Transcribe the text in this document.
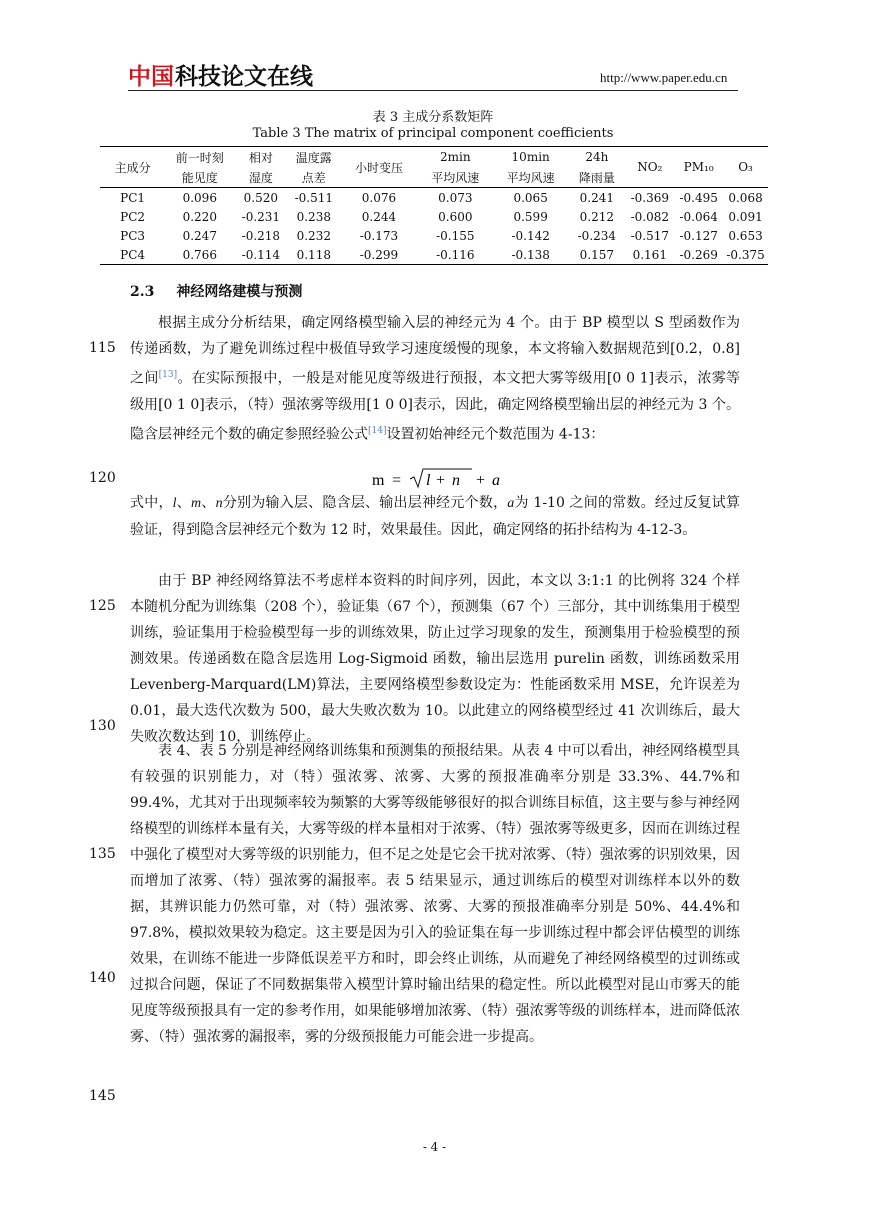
中国 科技论文在线	http://www.paper.edu.cn
表 3 主成分系数矩阵
Table 3 The matrix of principal component coefficients
主成分	前一时刻	相对	温度露	小时变压	2min	10min	24h	NO₂	PM₁₀	O₃
	能见度	湿度	点差		平均风速	平均风速	降雨量			
PC1	0.096	0.520	-0.511	0.076	0.073	0.065	0.241	-0.369	-0.495	0.068
PC2	0.220	-0.231	0.238	0.244	0.600	0.599	0.212	-0.082	-0.064	0.091
PC3	0.247	-0.218	0.232	-0.173	-0.155	-0.142	-0.234	-0.517	-0.127	0.653
PC4	0.766	-0.114	0.118	-0.299	-0.116	-0.138	0.157	0.161	-0.269	-0.375
2.3 神经网络建模与预测
根据主成分分析结果，确定网络模型输入层的神经元为 4 个。由于 BP 模型以 S 型函数作为传递函数，为了避免训练过程中极值导致学习速度缓慢的现象，本文将输入数据规范到[0.2，0.8]之间[13]。在实际预报中，一般是对能见度等级进行预报，本文把大雾等级用[0 0 1]表示，浓雾等级用[0 1 0]表示，（特）强浓雾等级用[1 0 0]表示，因此，确定网络模型输出层的神经元为 3 个。隐含层神经元个数的确定参照经验公式[14]设置初始神经元个数范围为 4-13：
m = l + n + a
式中，l、m、n分别为输入层、隐含层、输出层神经元个数，a为 1-10 之间的常数。经过反复试算验证，得到隐含层神经元个数为 12 时，效果最佳。因此，确定网络的拓扑结构为 4-12-3。
由于 BP 神经网络算法不考虑样本资料的时间序列，因此，本文以 3:1:1 的比例将 324 个样本随机分配为训练集（208 个），验证集（67 个），预测集（67 个）三部分，其中训练集用于模型训练，验证集用于检验模型每一步的训练效果，防止过学习现象的发生，预测集用于检验模型的预测效果。传递函数在隐含层选用 Log-Sigmoid 函数，输出层选用 purelin 函数，训练函数采用 Levenberg-Marquard(LM)算法，主要网络模型参数设定为：性能函数采用 MSE，允许误差为 0.01，最大迭代次数为 500，最大失败次数为 10。以此建立的网络模型经过 41 次训练后，最大失败次数达到 10，训练停止。
表 4、表 5 分别是神经网络训练集和预测集的预报结果。从表 4 中可以看出，神经网络模型具有较强的识别能力，对（特）强浓雾、浓雾、大雾的预报准确率分别是 33.3%、44.7%和 99.4%，尤其对于出现频率较为频繁的大雾等级能够很好的拟合训练目标值，这主要与参与神经网络模型的训练样本量有关，大雾等级的样本量相对于浓雾、（特）强浓雾等级更多，因而在训练过程中强化了模型对大雾等级的识别能力，但不足之处是它会干扰对浓雾、（特）强浓雾的识别效果，因而增加了浓雾、（特）强浓雾的漏报率。表 5 结果显示，通过训练后的模型对训练样本以外的数据，其辨识能力仍然可靠，对（特）强浓雾、浓雾、大雾的预报准确率分别是 50%、44.4%和 97.8%，模拟效果较为稳定。这主要是因为引入的验证集在每一步训练过程中都会评估模型的训练效果，在训练不能进一步降低误差平方和时，即会终止训练，从而避免了神经网络模型的过训练或过拟合问题，保证了不同数据集带入模型计算时输出结果的稳定性。所以此模型对昆山市雾天的能见度等级预报具有一定的参考作用，如果能够增加浓雾、（特）强浓雾等级的训练样本，进而降低浓雾、（特）强浓雾的漏报率，雾的分级预报能力可能会进一步提高。
115
120
125
130
135
140
145
- 4 -
